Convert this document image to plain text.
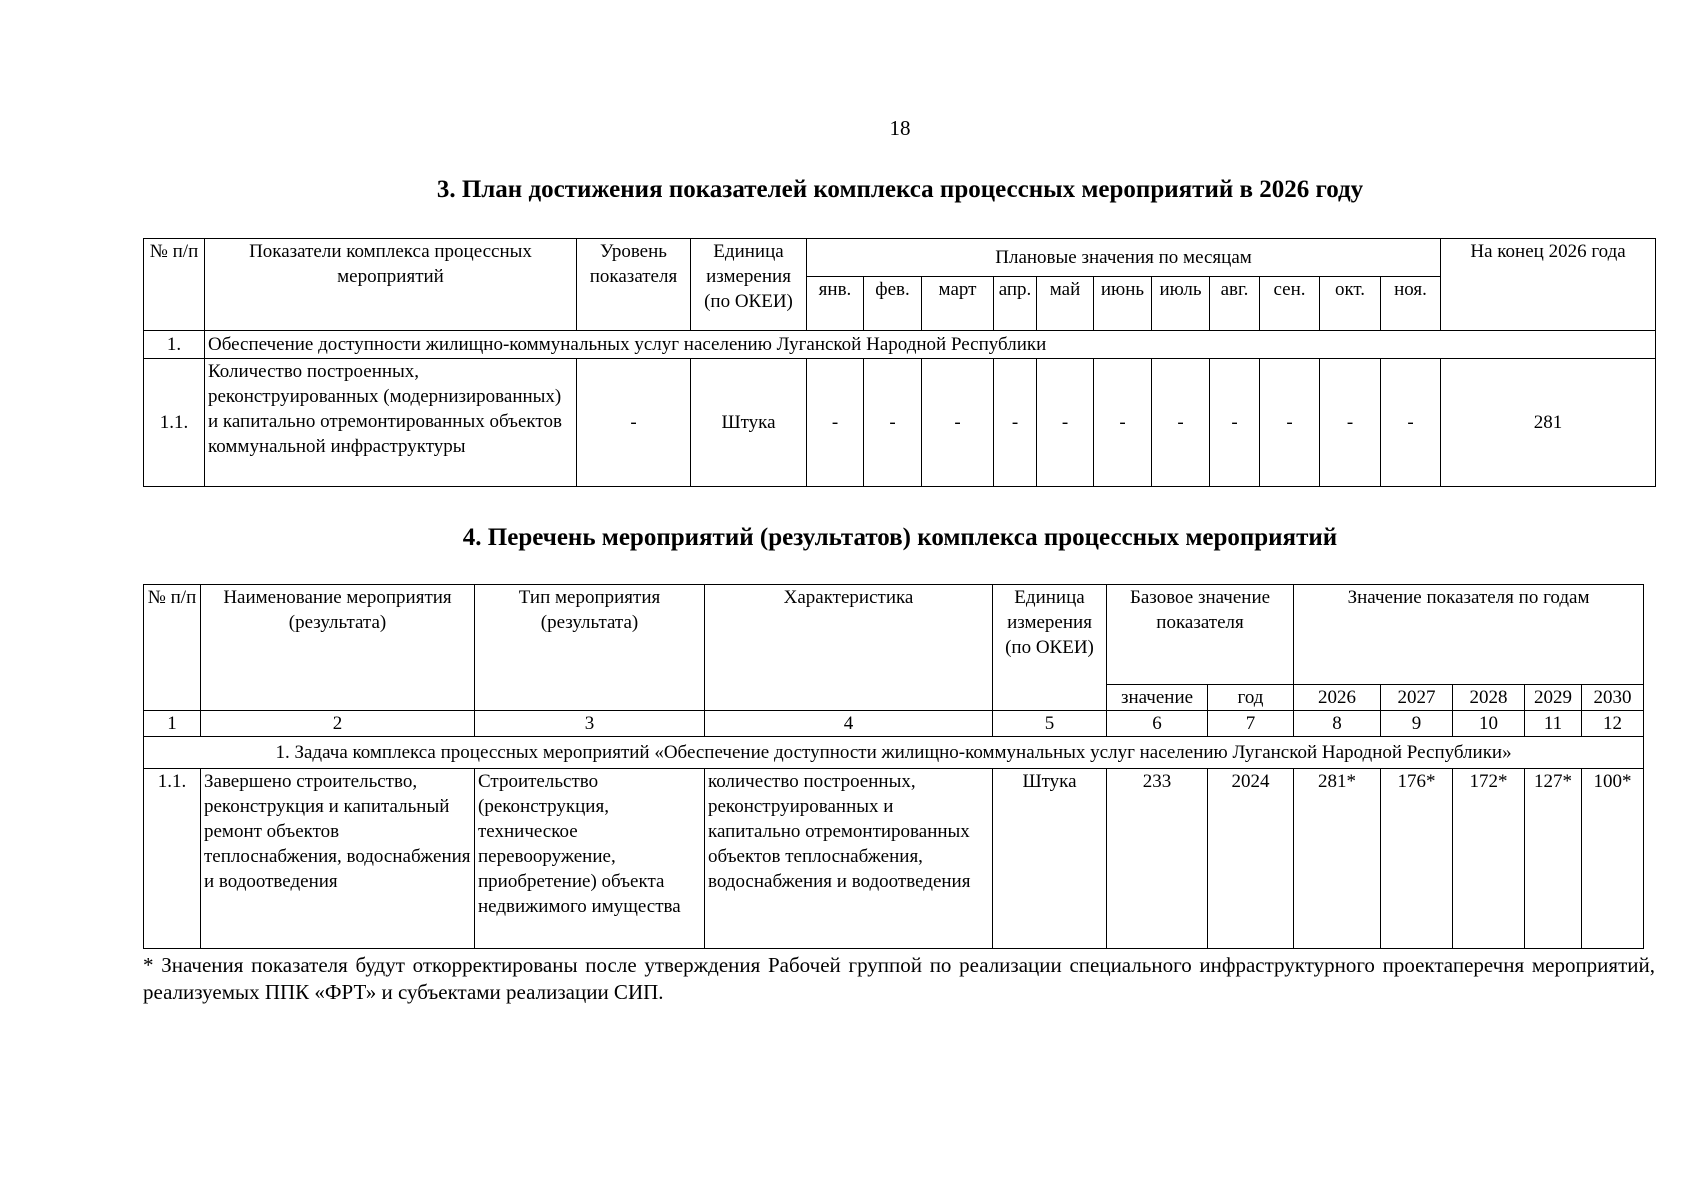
18
3. План достижения показателей комплекса процессных мероприятий в 2026 году
№ п/п	Показатели комплекса процессных мероприятий	Уровень показателя	Единица измерения (по ОКЕИ)	Плановые значения по месяцам											На конец 2026 года
				янв.	фев.	март	апр.	май	июнь	июль	авг.	сен.	окт.	ноя.	
1.	Обеспечение доступности жилищно-коммунальных услуг населению Луганской Народной Республики														
1.1.	Количество построенных, реконструированных (модернизированных) и капитально отремонтированных объектов коммунальной инфраструктуры	-	Штука	-	-	-	-	-	-	-	-	-	-	-	281
4. Перечень мероприятий (результатов) комплекса процессных мероприятий
№ п/п	Наименование мероприятия (результата)	Тип мероприятия (результата)	Характеристика	Единица измерения (по ОКЕИ)	Базовое значение показателя		Значение показателя по годам				
					значение	год	2026	2027	2028	2029	2030
1	2	3	4	5	6	7	8	9	10	11	12
1. Задача комплекса процессных мероприятий «Обеспечение доступности жилищно-коммунальных услуг населению Луганской Народной Республики»											
1.1.	Завершено строительство, реконструкция и капитальный ремонт объектов теплоснабжения, водоснабжения и водоотведения	Строительство (реконструкция, техническое перевооружение, приобретение) объекта недвижимого имущества	количество построенных, реконструированных и капитально отремонтированных объектов теплоснабжения, водоснабжения и водоотведения	Штука	233	2024	281*	176*	172*	127*	100*
* Значения показателя будут откорректированы после утверждения Рабочей группой по реализации специального инфраструктурного проектаперечня мероприятий, реализуемых ППК «ФРТ» и субъектами реализации СИП.
